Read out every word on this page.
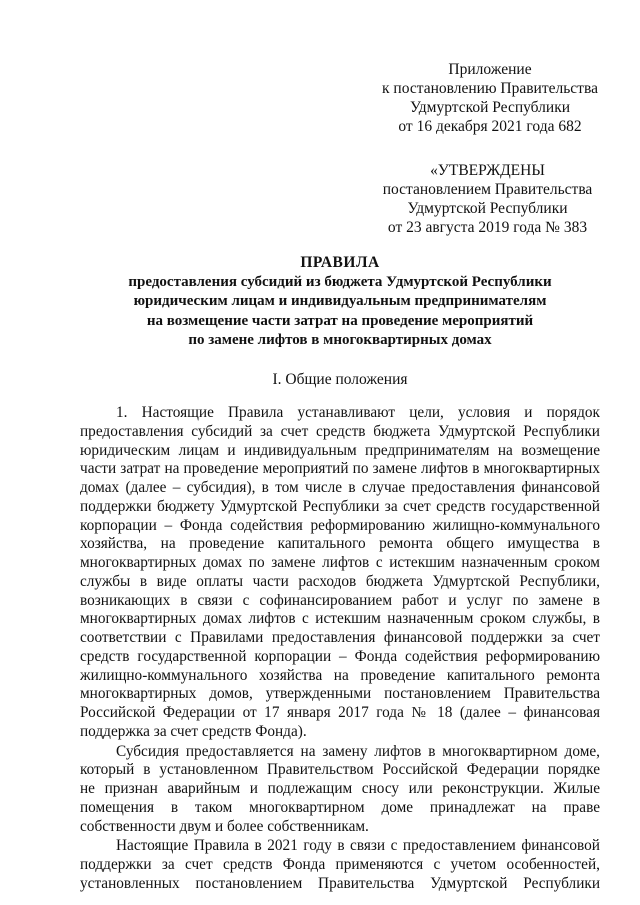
Приложение
к постановлению Правительства
Удмуртской Республики
от 16 декабря 2021 года 682
«УТВЕРЖДЕНЫ
постановлением Правительства
Удмуртской Республики
от 23 августа 2019 года № 383
ПРАВИЛА
предоставления субсидий из бюджета Удмуртской Республики
юридическим лицам и индивидуальным предпринимателям
на возмещение части затрат на проведение мероприятий
по замене лифтов в многоквартирных домах
I. Общие положения
1. Настоящие Правила устанавливают цели, условия и порядок
предоставления субсидий за счет средств бюджета Удмуртской Республики
юридическим лицам и индивидуальным предпринимателям на возмещение
части затрат на проведение мероприятий по замене лифтов в многоквартирных
домах (далее – субсидия), в том числе в случае предоставления финансовой
поддержки бюджету Удмуртской Республики за счет средств государственной
корпорации – Фонда содействия реформированию жилищно-коммунального
хозяйства, на проведение капитального ремонта общего имущества в
многоквартирных домах по замене лифтов с истекшим назначенным сроком
службы в виде оплаты части расходов бюджета Удмуртской Республики,
возникающих в связи с софинансированием работ и услуг по замене в
многоквартирных домах лифтов с истекшим назначенным сроком службы, в
соответствии с Правилами предоставления финансовой поддержки за счет
средств государственной корпорации – Фонда содействия реформированию
жилищно-коммунального хозяйства на проведение капитального ремонта
многоквартирных домов, утвержденными постановлением Правительства
Российской Федерации от 17 января 2017 года № 18 (далее – финансовая
поддержка за счет средств Фонда).
Субсидия предоставляется на замену лифтов в многоквартирном доме,
который в установленном Правительством Российской Федерации порядке
не признан аварийным и подлежащим сносу или реконструкции. Жилые
помещения в таком многоквартирном доме принадлежат на праве
собственности двум и более собственникам.
Настоящие Правила в 2021 году в связи с предоставлением финансовой
поддержки за счет средств Фонда применяются с учетом особенностей,
установленных постановлением Правительства Удмуртской Республики
